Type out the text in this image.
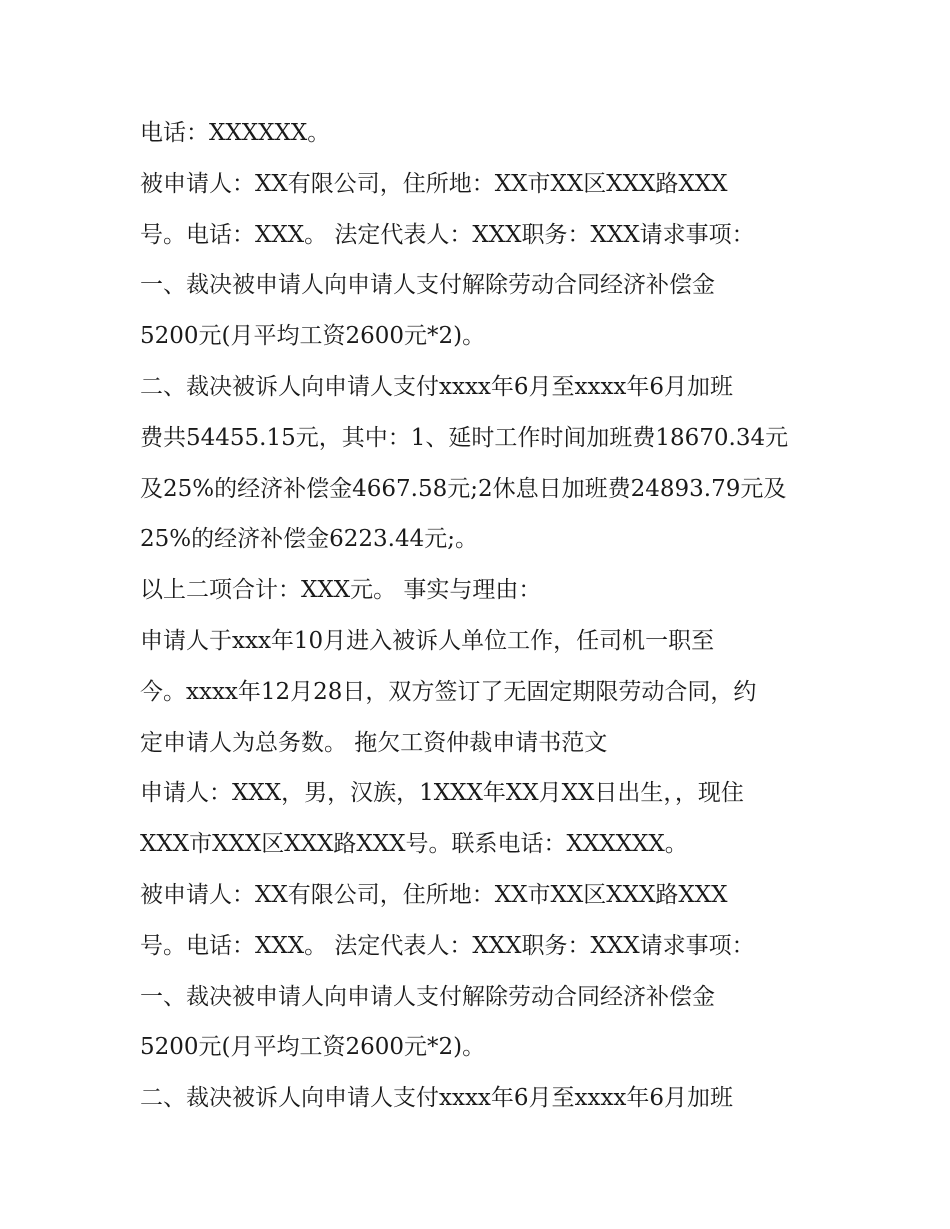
电话：XXXXXX。
被申请人：XX有限公司，住所地：XX市XX区XXX路XXX
号。电话：XXX。 法定代表人：XXX职务：XXX请求事项：
一、裁决被申请人向申请人支付解除劳动合同经济补偿金
5200元(月平均工资2600元*2)。
二、裁决被诉人向申请人支付xxxx年6月至xxxx年6月加班
费共54455.15元，其中：1、延时工作时间加班费18670.34元
及25%的经济补偿金4667.58元;2休息日加班费24893.79元及
25%的经济补偿金6223.44元;。
以上二项合计：XXX元。 事实与理由：
申请人于xxx年10月进入被诉人单位工作，任司机一职至
今。xxxx年12月28日，双方签订了无固定期限劳动合同，约
定申请人为总务数。 拖欠工资仲裁申请书范文
申请人：XXX，男，汉族，1XXX年XX月XX日出生，，现住
XXX市XXX区XXX路XXX号。联系电话：XXXXXX。
被申请人：XX有限公司，住所地：XX市XX区XXX路XXX
号。电话：XXX。 法定代表人：XXX职务：XXX请求事项：
一、裁决被申请人向申请人支付解除劳动合同经济补偿金
5200元(月平均工资2600元*2)。
二、裁决被诉人向申请人支付xxxx年6月至xxxx年6月加班
